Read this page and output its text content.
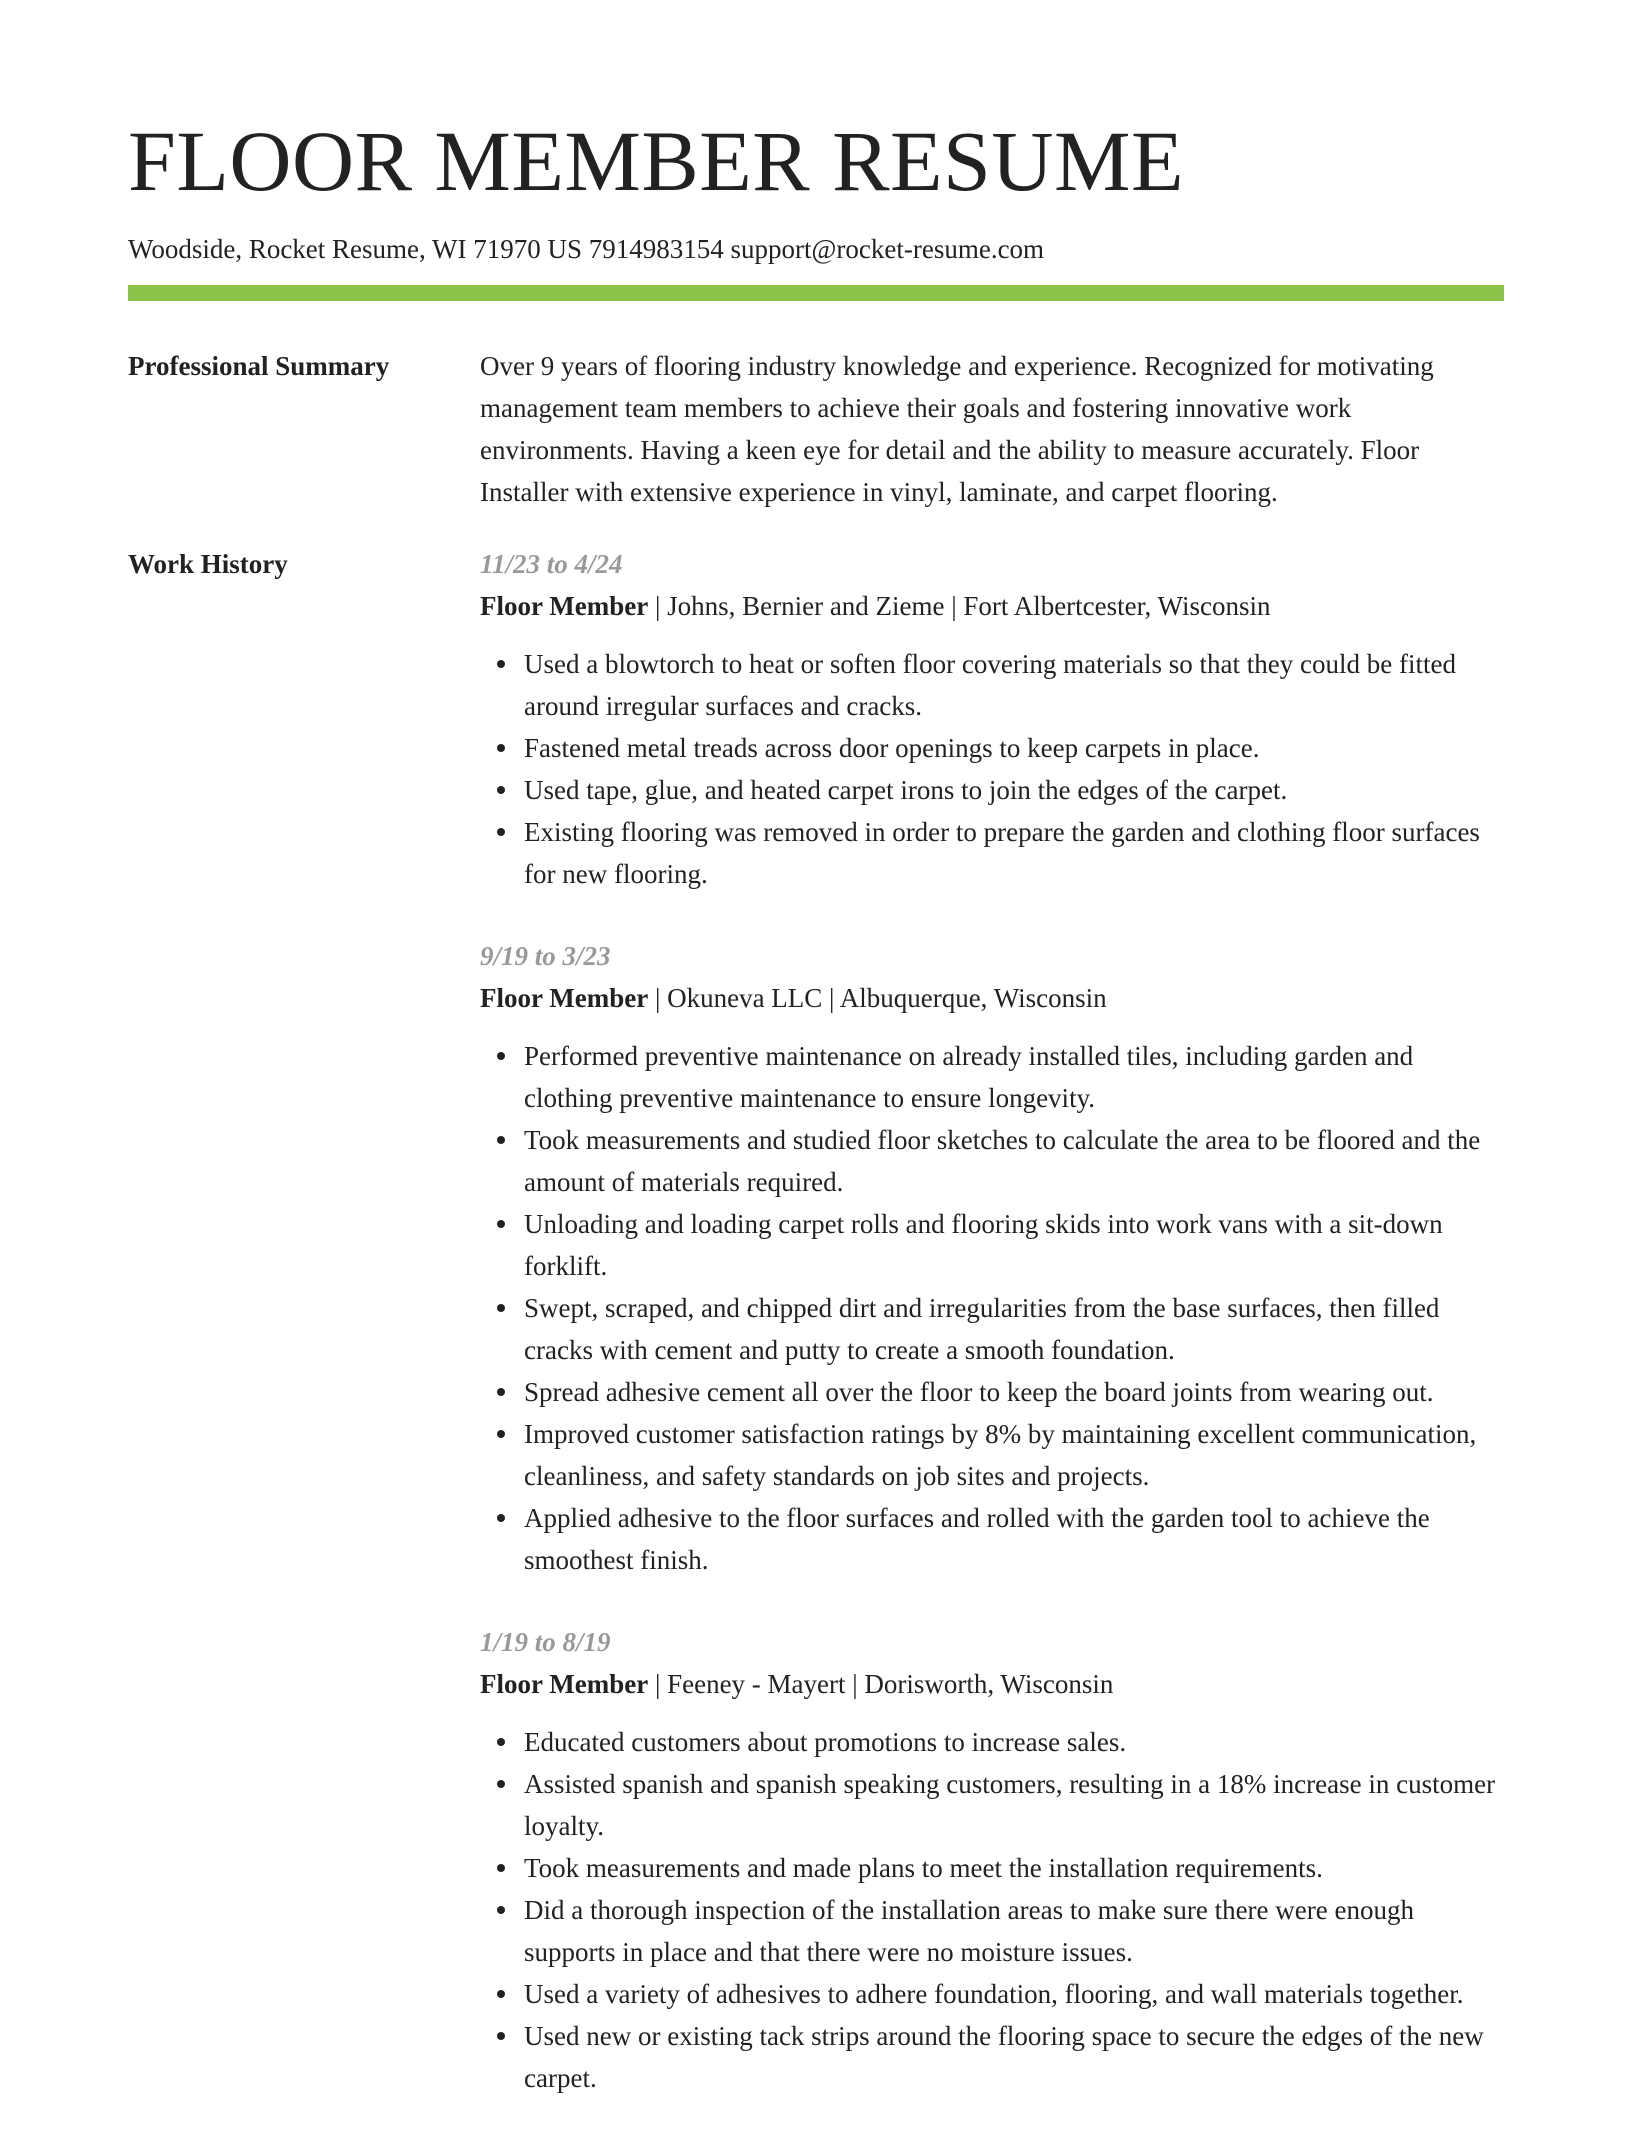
FLOOR MEMBER RESUME
Woodside, Rocket Resume, WI 71970 US 7914983154 support@rocket-resume.com
Professional Summary	Over 9 years of flooring industry knowledge and experience. Recognized for motivating management team members to achieve their goals and fostering innovative work environments. Having a keen eye for detail and the ability to measure accurately. Floor Installer with extensive experience in vinyl, laminate, and carpet flooring.

Work History	11/23 to 4/24
Floor Member | Johns, Bernier and Zieme | Fort Albertcester, Wisconsin
Used a blowtorch to heat or soften floor covering materials so that they could be fitted around irregular surfaces and cracks.
Fastened metal treads across door openings to keep carpets in place.
Used tape, glue, and heated carpet irons to join the edges of the carpet.
Existing flooring was removed in order to prepare the garden and clothing floor surfaces for new flooring.
9/19 to 3/23
Floor Member | Okuneva LLC | Albuquerque, Wisconsin
Performed preventive maintenance on already installed tiles, including garden and clothing preventive maintenance to ensure longevity.
Took measurements and studied floor sketches to calculate the area to be floored and the amount of materials required.
Unloading and loading carpet rolls and flooring skids into work vans with a sit-down forklift.
Swept, scraped, and chipped dirt and irregularities from the base surfaces, then filled cracks with cement and putty to create a smooth foundation.
Spread adhesive cement all over the floor to keep the board joints from wearing out.
Improved customer satisfaction ratings by 8% by maintaining excellent communication, cleanliness, and safety standards on job sites and projects.
Applied adhesive to the floor surfaces and rolled with the garden tool to achieve the smoothest finish.
1/19 to 8/19
Floor Member | Feeney - Mayert | Dorisworth, Wisconsin
Educated customers about promotions to increase sales.
Assisted spanish and spanish speaking customers, resulting in a 18% increase in customer loyalty.
Took measurements and made plans to meet the installation requirements.
Did a thorough inspection of the installation areas to make sure there were enough supports in place and that there were no moisture issues.
Used a variety of adhesives to adhere foundation, flooring, and wall materials together.
Used new or existing tack strips around the flooring space to secure the edges of the new carpet.
